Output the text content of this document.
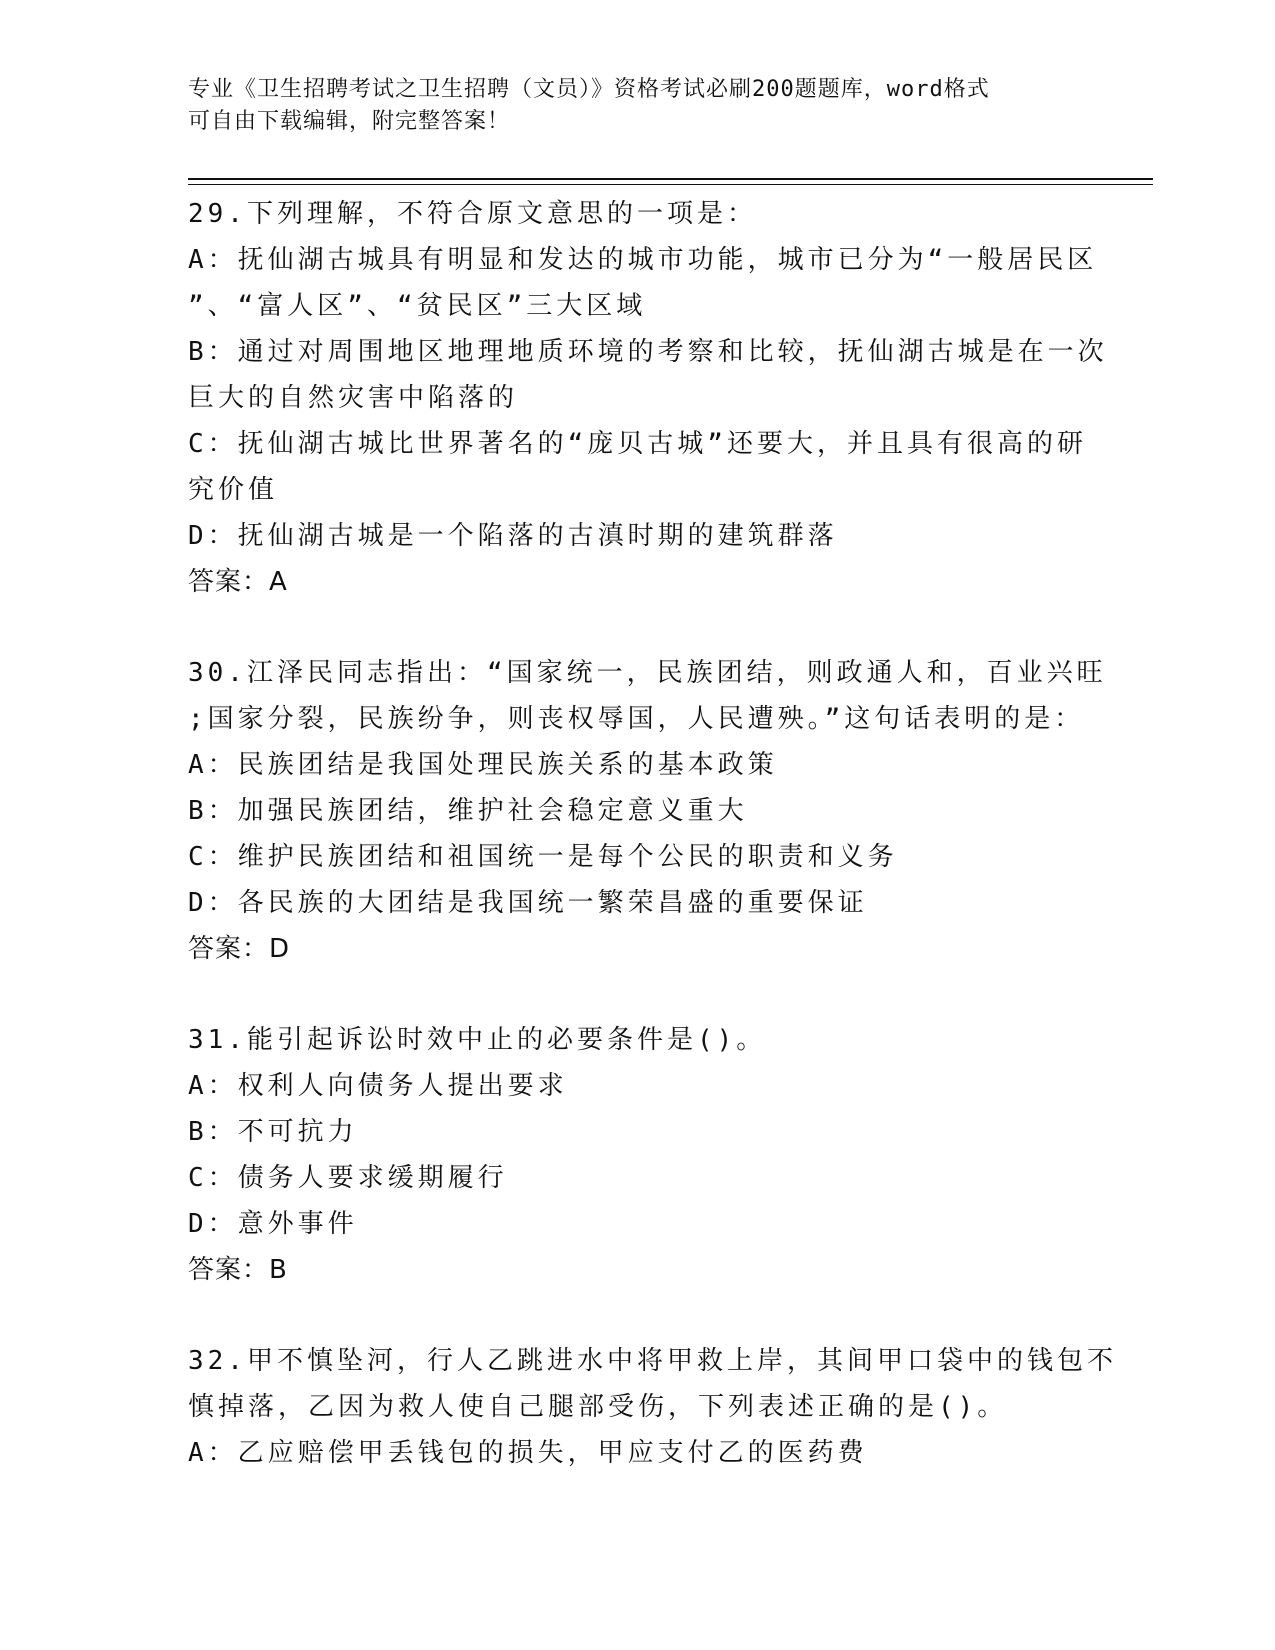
专业《卫生招聘考试之卫生招聘（文员）》资格考试必刷200题题库，word格式
可自由下载编辑，附完整答案！
29.下列理解，不符合原文意思的一项是：
A：抚仙湖古城具有明显和发达的城市功能，城市已分为“一般居民区
”、“富人区”、“贫民区”三大区域
B：通过对周围地区地理地质环境的考察和比较，抚仙湖古城是在一次
巨大的自然灾害中陷落的
C：抚仙湖古城比世界著名的“庞贝古城”还要大，并且具有很高的研
究价值
D：抚仙湖古城是一个陷落的古滇时期的建筑群落
答案：A
30.江泽民同志指出：“国家统一，民族团结，则政通人和，百业兴旺
;国家分裂，民族纷争，则丧权辱国，人民遭殃。”这句话表明的是：
A：民族团结是我国处理民族关系的基本政策
B：加强民族团结，维护社会稳定意义重大
C：维护民族团结和祖国统一是每个公民的职责和义务
D：各民族的大团结是我国统一繁荣昌盛的重要保证
答案：D
31.能引起诉讼时效中止的必要条件是()。
A：权利人向债务人提出要求
B：不可抗力
C：债务人要求缓期履行
D：意外事件
答案：B
32.甲不慎坠河，行人乙跳进水中将甲救上岸，其间甲口袋中的钱包不
慎掉落，乙因为救人使自己腿部受伤，下列表述正确的是()。
A：乙应赔偿甲丢钱包的损失，甲应支付乙的医药费
